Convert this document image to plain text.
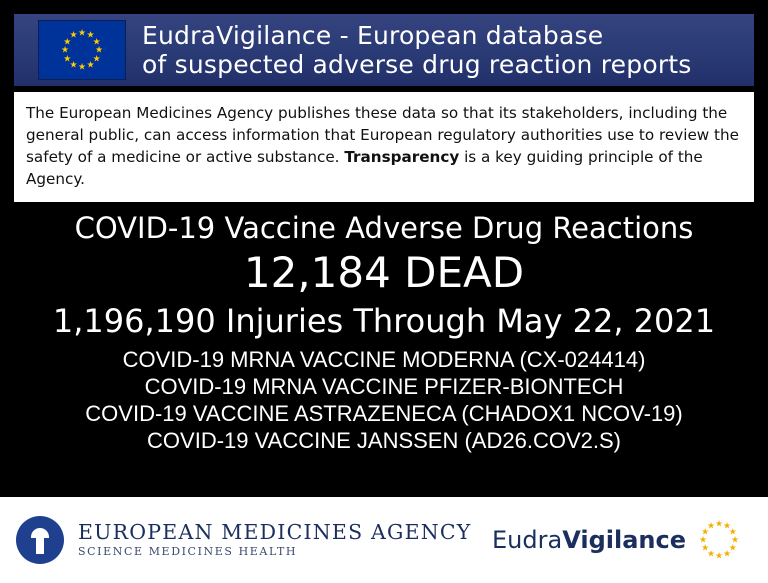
★ ★
★
★
★
★
★
★
★
★
★
★	EudraVigilance - European database
of suspected adverse drug reaction reports
The European Medicines Agency publishes these data so that its stakeholders, including the general public, can access information that European regulatory authorities use to review the safety of a medicine or active substance. Transparency is a key guiding principle of the Agency.
COVID-19 Vaccine Adverse Drug Reactions
12,184 DEAD
1,196,190 Injuries Through May 22, 2021
COVID-19 MRNA VACCINE MODERNA (CX-024414)
COVID-19 MRNA VACCINE PFIZER-BIONTECH
COVID-19 VACCINE ASTRAZENECA (CHADOX1 NCOV-19)
COVID-19 VACCINE JANSSEN (AD26.COV2.S)
EUROPEAN MEDICINES AGENCY
SCIENCE MEDICINES HEALTH	EudraVigilance
★ ★
★
★
★
★
★
★
★
★
★
★
